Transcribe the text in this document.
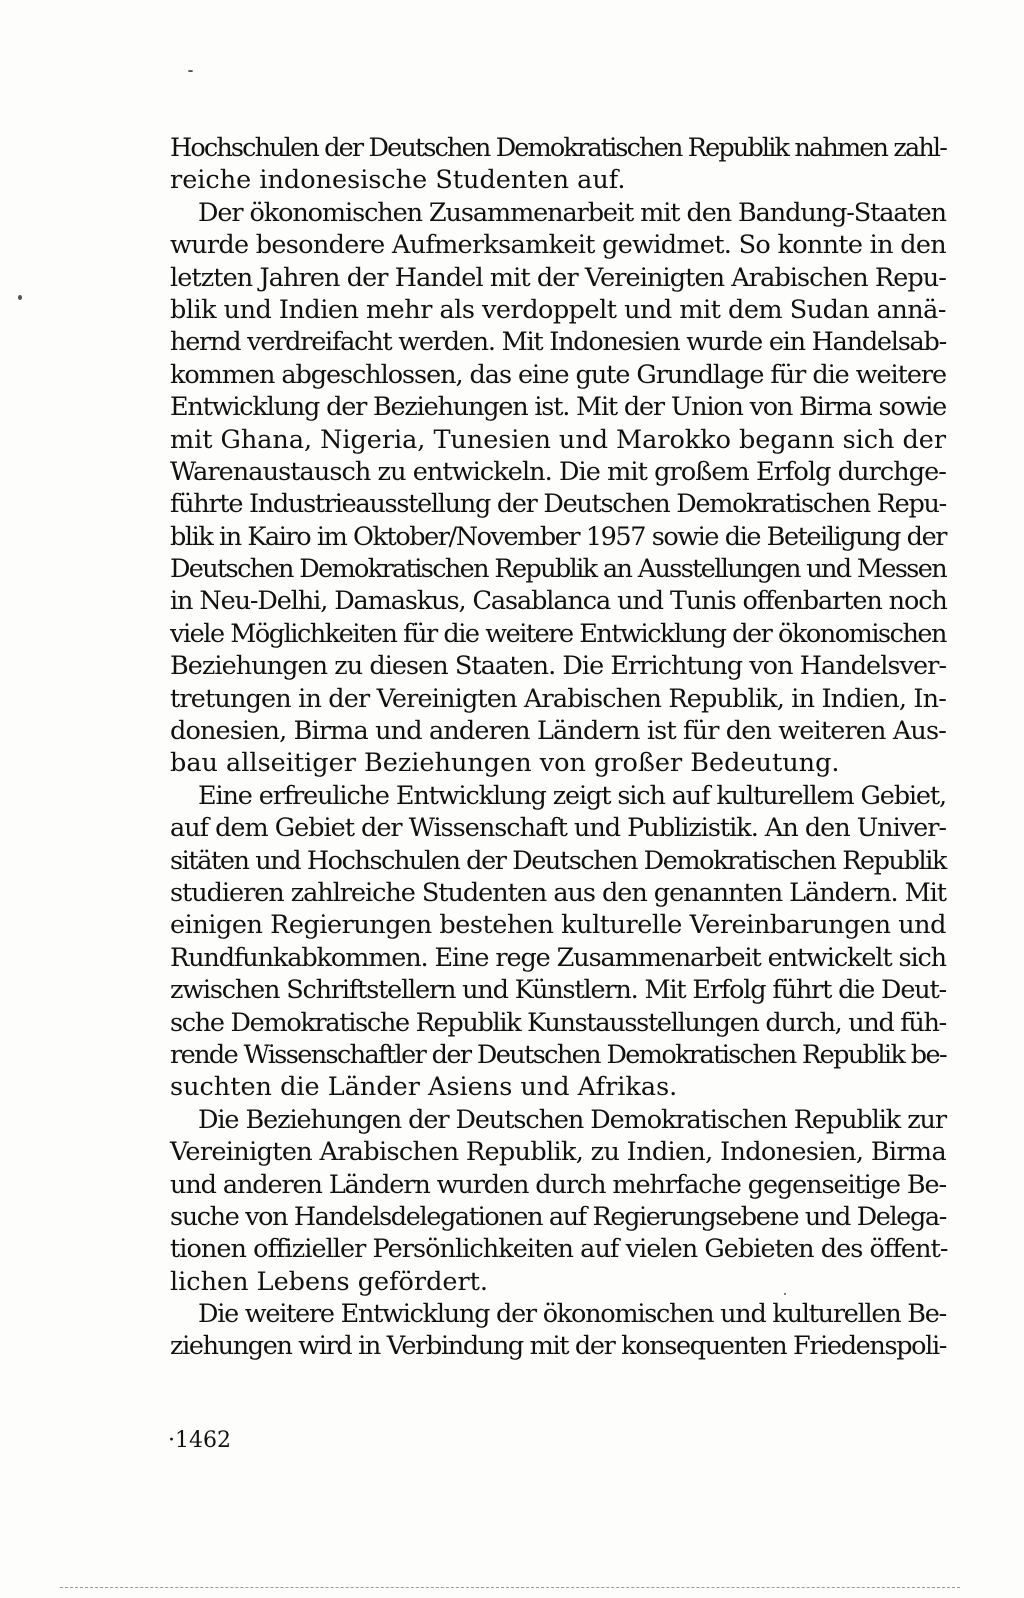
Hochschulen der Deutschen Demokratischen Republik nahmen zahl-
reiche indonesische Studenten auf.
Der ökonomischen Zusammenarbeit mit den Bandung-Staaten
wurde besondere Aufmerksamkeit gewidmet. So konnte in den
letzten Jahren der Handel mit der Vereinigten Arabischen Repu-
blik und Indien mehr als verdoppelt und mit dem Sudan annä-
hernd verdreifacht werden. Mit Indonesien wurde ein Handelsab-
kommen abgeschlossen, das eine gute Grundlage für die weitere
Entwicklung der Beziehungen ist. Mit der Union von Birma sowie
mit Ghana, Nigeria, Tunesien und Marokko begann sich der
Warenaustausch zu entwickeln. Die mit großem Erfolg durchge-
führte Industrieausstellung der Deutschen Demokratischen Repu-
blik in Kairo im Oktober/November 1957 sowie die Beteiligung der
Deutschen Demokratischen Republik an Ausstellungen und Messen
in Neu-Delhi, Damaskus, Casablanca und Tunis offenbarten noch
viele Möglichkeiten für die weitere Entwicklung der ökonomischen
Beziehungen zu diesen Staaten. Die Errichtung von Handelsver-
tretungen in der Vereinigten Arabischen Republik, in Indien, In-
donesien, Birma und anderen Ländern ist für den weiteren Aus-
bau allseitiger Beziehungen von großer Bedeutung.
Eine erfreuliche Entwicklung zeigt sich auf kulturellem Gebiet,
auf dem Gebiet der Wissenschaft und Publizistik. An den Univer-
sitäten und Hochschulen der Deutschen Demokratischen Republik
studieren zahlreiche Studenten aus den genannten Ländern. Mit
einigen Regierungen bestehen kulturelle Vereinbarungen und
Rundfunkabkommen. Eine rege Zusammenarbeit entwickelt sich
zwischen Schriftstellern und Künstlern. Mit Erfolg führt die Deut-
sche Demokratische Republik Kunstausstellungen durch, und füh-
rende Wissenschaftler der Deutschen Demokratischen Republik be-
suchten die Länder Asiens und Afrikas.
Die Beziehungen der Deutschen Demokratischen Republik zur
Vereinigten Arabischen Republik, zu Indien, Indonesien, Birma
und anderen Ländern wurden durch mehrfache gegenseitige Be-
suche von Handelsdelegationen auf Regierungsebene und Delega-
tionen offizieller Persönlichkeiten auf vielen Gebieten des öffent-
lichen Lebens gefördert.
Die weitere Entwicklung der ökonomischen und kulturellen Be-
ziehungen wird in Verbindung mit der konsequenten Friedenspoli-
·1462
